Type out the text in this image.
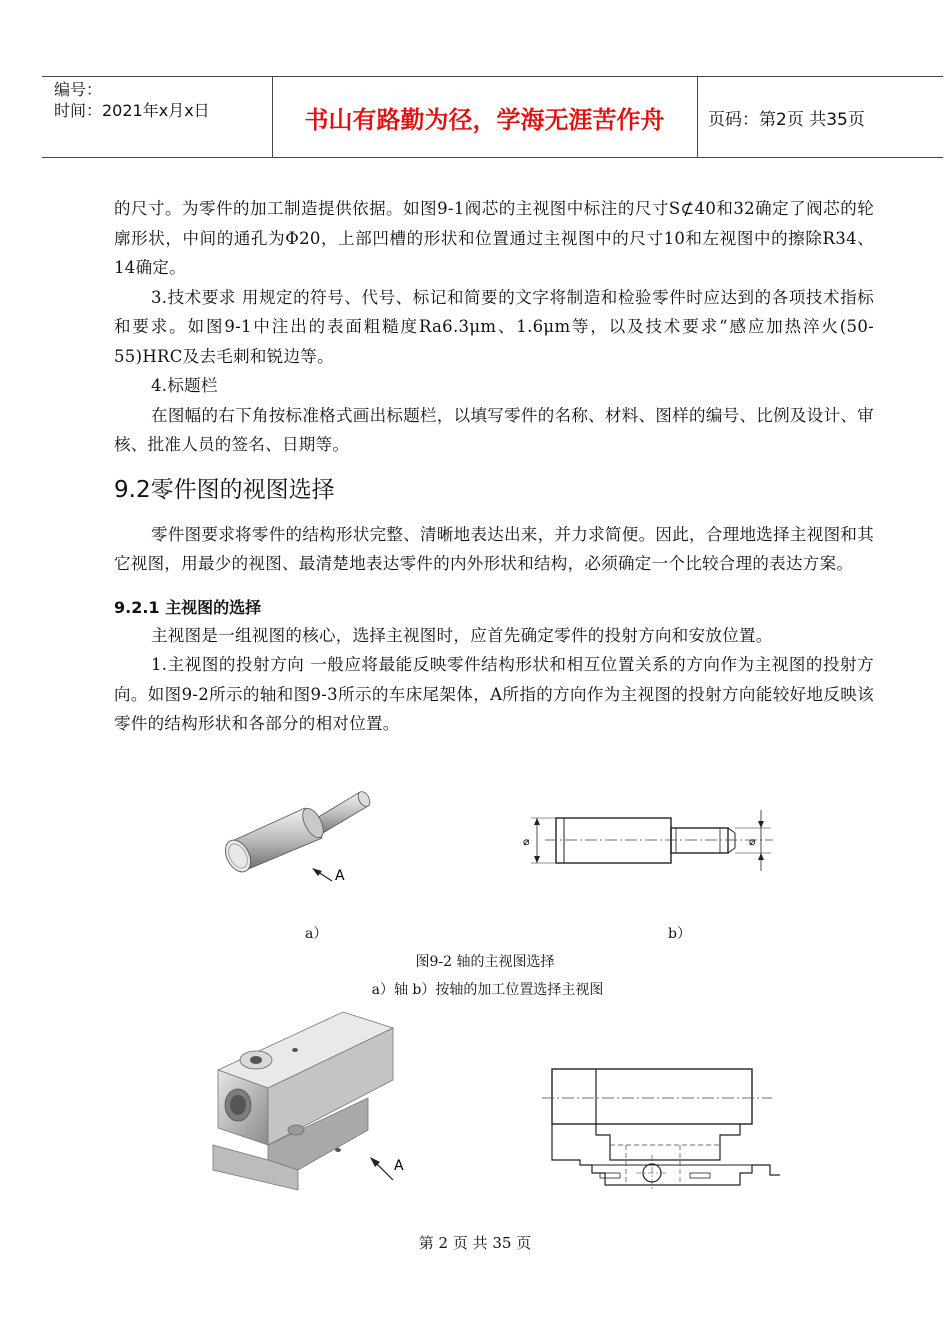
编号：
时间：2021年x月x日	书山有路勤为径，学海无涯苦作舟	页码：第2页 共35页

的尺寸。为零件的加工制造提供依据。如图9-1阀芯的主视图中标注的尺寸S⊄40和32确定了阀芯的轮廓形状，中间的通孔为Φ20，上部凹槽的形状和位置通过主视图中的尺寸10和左视图中的擦除R34、14确定。

3.技术要求 用规定的符号、代号、标记和简要的文字将制造和检验零件时应达到的各项技术指标和要求。如图9-1中注出的表面粗糙度Ra6.3μm、1.6μm等，以及技术要求“感应加热淬火(50-55)HRC及去毛刺和锐边等。

4.标题栏

在图幅的右下角按标准格式画出标题栏，以填写零件的名称、材料、图样的编号、比例及设计、审核、批准人员的签名、日期等。

9.2零件图的视图选择

零件图要求将零件的结构形状完整、清晰地表达出来，并力求简便。因此，合理地选择主视图和其它视图，用最少的视图、最清楚地表达零件的内外形状和结构，必须确定一个比较合理的表达方案。

9.2.1 主视图的选择

主视图是一组视图的核心，选择主视图时，应首先确定零件的投射方向和安放位置。

1.主视图的投射方向 一般应将最能反映零件结构形状和相互位置关系的方向作为主视图的投射方向。如图9-2所示的轴和图9-3所示的车床尾架体，A所指的方向作为主视图的投射方向能较好地反映该零件的结构形状和各部分的相对位置。

A
⌀	⌀
a）	b）
图9-2 轴的主视图选择
a）轴 b）按轴的加工位置选择主视图
A
第 2 页 共 35 页
